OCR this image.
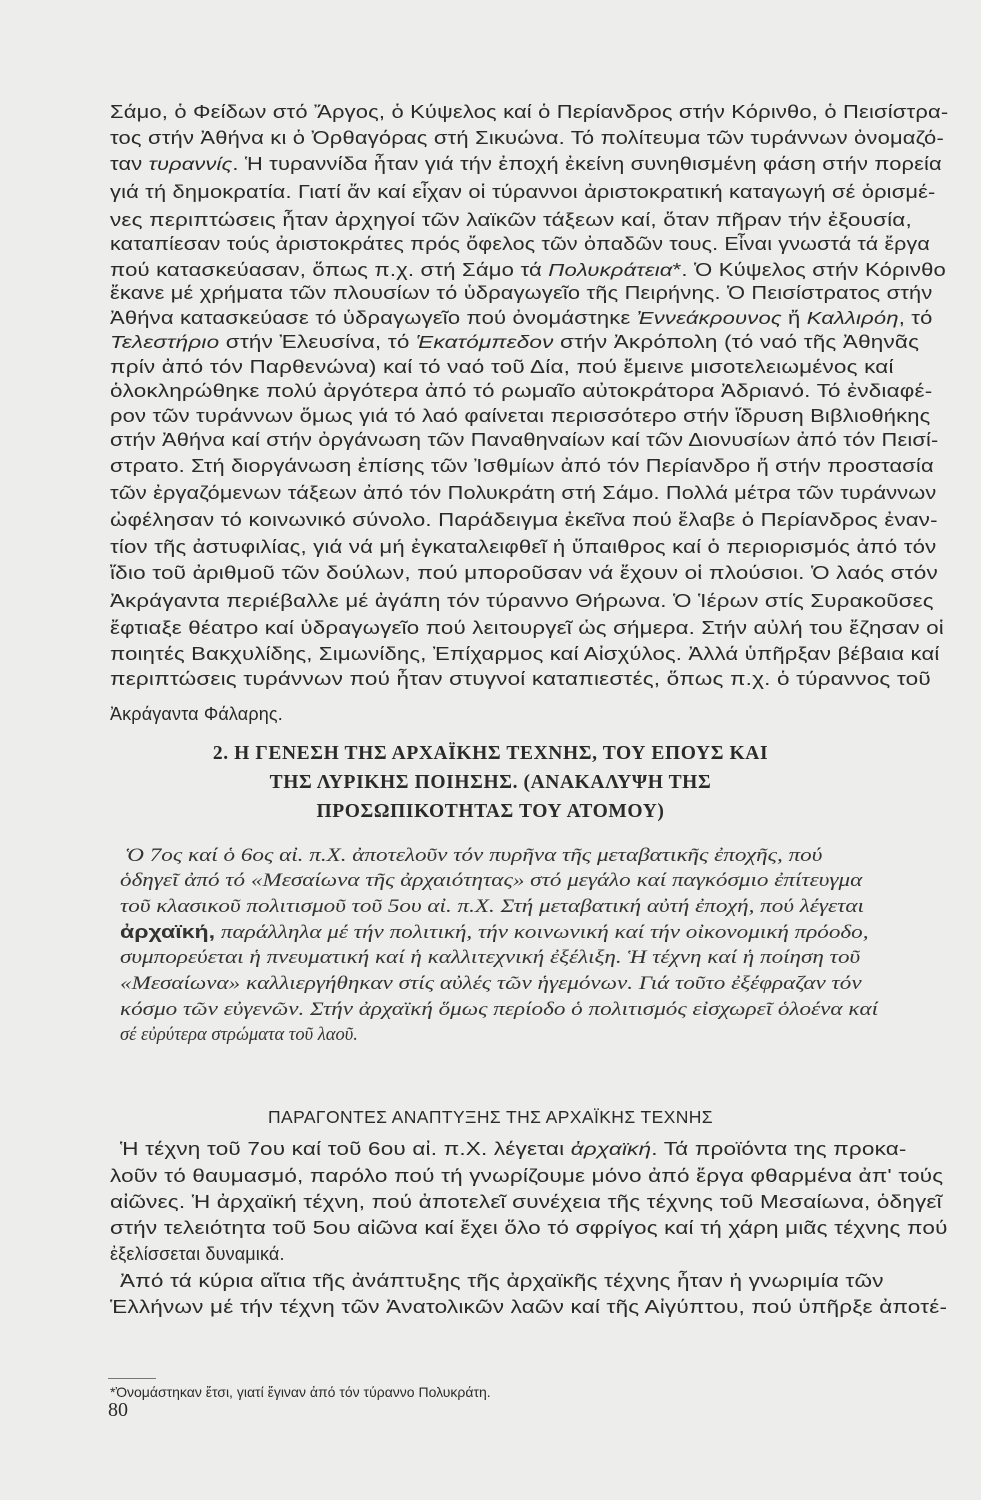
Σάμο, ὁ Φείδων στό Ἄργος, ὁ Κύψελος καί ὁ Περίανδρος στήν Κόρινθο, ὁ Πεισίστρα-
τος στήν Ἀθήνα κι ὁ Ὀρθαγόρας στή Σικυώνα. Τό πολίτευμα τῶν τυράννων ὀνομαζό-
ταν τυραννίς. Ἡ τυραννίδα ἦταν γιά τήν ἐποχή ἐκείνη συνηθισμένη φάση στήν πορεία
γιά τή δημοκρατία. Γιατί ἄν καί εἶχαν οἱ τύραννοι ἀριστοκρατική καταγωγή σέ ὁρισμέ-
νες περιπτώσεις ἦταν ἀρχηγοί τῶν λαϊκῶν τάξεων καί, ὅταν πῆραν τήν ἐξουσία,
καταπίεσαν τούς ἀριστοκράτες πρός ὄφελος τῶν ὀπαδῶν τους. Εἶναι γνωστά τά ἔργα
πού κατασκεύασαν, ὅπως π.χ. στή Σάμο τά Πολυκράτεια*. Ὁ Κύψελος στήν Κόρινθο
ἔκανε μέ χρήματα τῶν πλουσίων τό ὑδραγωγεῖο τῆς Πειρήνης. Ὁ Πεισίστρατος στήν
Ἀθήνα κατασκεύασε τό ὑδραγωγεῖο πού ὀνομάστηκε Ἐννεάκρουνος ἤ Καλλιρόη, τό
Τελεστήριο στήν Ἐλευσίνα, τό Ἑκατόμπεδον στήν Ἀκρόπολη (τό ναό τῆς Ἀθηνᾶς
πρίν ἀπό τόν Παρθενώνα) καί τό ναό τοῦ Δία, πού ἔμεινε μισοτελειωμένος καί
ὁλοκληρώθηκε πολύ ἀργότερα ἀπό τό ρωμαῖο αὐτοκράτορα Ἀδριανό. Τό ἐνδιαφέ-
ρον τῶν τυράννων ὅμως γιά τό λαό φαίνεται περισσότερο στήν ἵδρυση Βιβλιοθήκης
στήν Ἀθήνα καί στήν ὀργάνωση τῶν Παναθηναίων καί τῶν Διονυσίων ἀπό τόν Πεισί-
στρατο. Στή διοργάνωση ἐπίσης τῶν Ἰσθμίων ἀπό τόν Περίανδρο ἤ στήν προστασία
τῶν ἐργαζόμενων τάξεων ἀπό τόν Πολυκράτη στή Σάμο. Πολλά μέτρα τῶν τυράννων
ὠφέλησαν τό κοινωνικό σύνολο. Παράδειγμα ἐκεῖνα πού ἔλαβε ὁ Περίανδρος ἐναν-
τίον τῆς ἀστυφιλίας, γιά νά μή ἐγκαταλειφθεῖ ἡ ὕπαιθρος καί ὁ περιορισμός ἀπό τόν
ἴδιο τοῦ ἀριθμοῦ τῶν δούλων, πού μποροῦσαν νά ἔχουν οἱ πλούσιοι. Ὁ λαός στόν
Ἀκράγαντα περιέβαλλε μέ ἀγάπη τόν τύραννο Θήρωνα. Ὁ Ἱέρων στίς Συρακοῦσες
ἔφτιαξε θέατρο καί ὑδραγωγεῖο πού λειτουργεῖ ὡς σήμερα. Στήν αὐλή του ἔζησαν οἱ
ποιητές Βακχυλίδης, Σιμωνίδης, Ἐπίχαρμος καί Αἰσχύλος. Ἀλλά ὑπῆρξαν βέβαια καί
περιπτώσεις τυράννων πού ἦταν στυγνοί καταπιεστές, ὅπως π.χ. ὁ τύραννος τοῦ
Ἀκράγαντα Φάλαρης.
2. Η ΓΕΝΕΣΗ ΤΗΣ ΑΡΧΑΪΚΗΣ ΤΕΧΝΗΣ, ΤΟΥ ΕΠΟΥΣ ΚΑΙ
ΤΗΣ ΛΥΡΙΚΗΣ ΠΟΙΗΣΗΣ. (ΑΝΑΚΑΛΥΨΗ ΤΗΣ
ΠΡΟΣΩΠΙΚΟΤΗΤΑΣ ΤΟΥ ΑΤΟΜΟΥ)
Ὁ 7ος καί ὁ 6ος αἰ. π.Χ. ἀποτελοῦν τόν πυρῆνα τῆς μεταβατικῆς ἐποχῆς, πού
ὁδηγεῖ ἀπό τό «Μεσαίωνα τῆς ἀρχαιότητας» στό μεγάλο καί παγκόσμιο ἐπίτευγμα
τοῦ κλασικοῦ πολιτισμοῦ τοῦ 5ου αἰ. π.Χ. Στή μεταβατική αὐτή ἐποχή, πού λέγεται
ἀρχαϊκή, παράλληλα μέ τήν πολιτική, τήν κοινωνική καί τήν οἰκονομική πρόοδο,
συμπορεύεται ἡ πνευματική καί ἡ καλλιτεχνική ἐξέλιξη. Ἡ τέχνη καί ἡ ποίηση τοῦ
«Μεσαίωνα» καλλιεργήθηκαν στίς αὐλές τῶν ἡγεμόνων. Γιά τοῦτο ἐξέφραζαν τόν
κόσμο τῶν εὐγενῶν. Στήν ἀρχαϊκή ὅμως περίοδο ὁ πολιτισμός εἰσχωρεῖ ὁλοένα καί
σέ εὐρύτερα στρώματα τοῦ λαοῦ.
ΠΑΡΑΓΟΝΤΕΣ ΑΝΑΠΤΥΞΗΣ ΤΗΣ ΑΡΧΑΪΚΗΣ ΤΕΧΝΗΣ
Ἡ τέχνη τοῦ 7ου καί τοῦ 6ου αἰ. π.Χ. λέγεται ἀρχαϊκή. Τά προϊόντα της προκα-
λοῦν τό θαυμασμό, παρόλο πού τή γνωρίζουμε μόνο ἀπό ἔργα φθαρμένα ἀπ' τούς
αἰῶνες. Ἡ ἀρχαϊκή τέχνη, πού ἀποτελεῖ συνέχεια τῆς τέχνης τοῦ Μεσαίωνα, ὁδηγεῖ
στήν τελειότητα τοῦ 5ου αἰῶνα καί ἔχει ὅλο τό σφρίγος καί τή χάρη μιᾶς τέχνης πού
ἐξελίσσεται δυναμικά.
Ἀπό τά κύρια αἴτια τῆς ἀνάπτυξης τῆς ἀρχαϊκῆς τέχνης ἦταν ἡ γνωριμία τῶν
Ἑλλήνων μέ τήν τέχνη τῶν Ἀνατολικῶν λαῶν καί τῆς Αἰγύπτου, πού ὑπῆρξε ἀποτέ-
*Ὀνομάστηκαν ἔτσι, γιατί ἔγιναν ἀπό τόν τύραννο Πολυκράτη.
80
